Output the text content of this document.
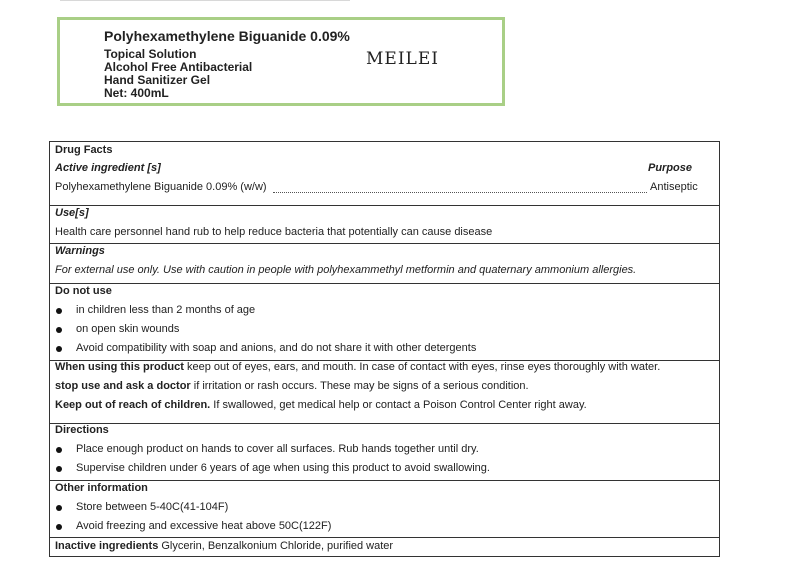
Polyhexamethylene Biguanide 0.09%
Topical Solution
Alcohol Free Antibacterial
Hand Sanitizer Gel
Net: 400mL
MEILEI
Drug Facts
Active ingredient [s]	Purpose
Polyhexamethylene Biguanide 0.09% (w/w)	Antiseptic
Use[s]
Health care personnel hand rub to help reduce bacteria that potentially can cause disease
Warnings
For external use only. Use with caution in people with polyhexammethyl metformin and quaternary ammonium allergies.
Do not use
in children less than 2 months of age
on open skin wounds
Avoid compatibility with soap and anions, and do not share it with other detergents
When using this product keep out of eyes, ears, and mouth. In case of contact with eyes, rinse eyes thoroughly with water.
stop use and ask a doctor if irritation or rash occurs. These may be signs of a serious condition.
Keep out of reach of children. If swallowed, get medical help or contact a Poison Control Center right away.
Directions
Place enough product on hands to cover all surfaces. Rub hands together until dry.
Supervise children under 6 years of age when using this product to avoid swallowing.
Other information
Store between 5-40C(41-104F)
Avoid freezing and excessive heat above 50C(122F)
Inactive ingredients Glycerin, Benzalkonium Chloride, purified water
